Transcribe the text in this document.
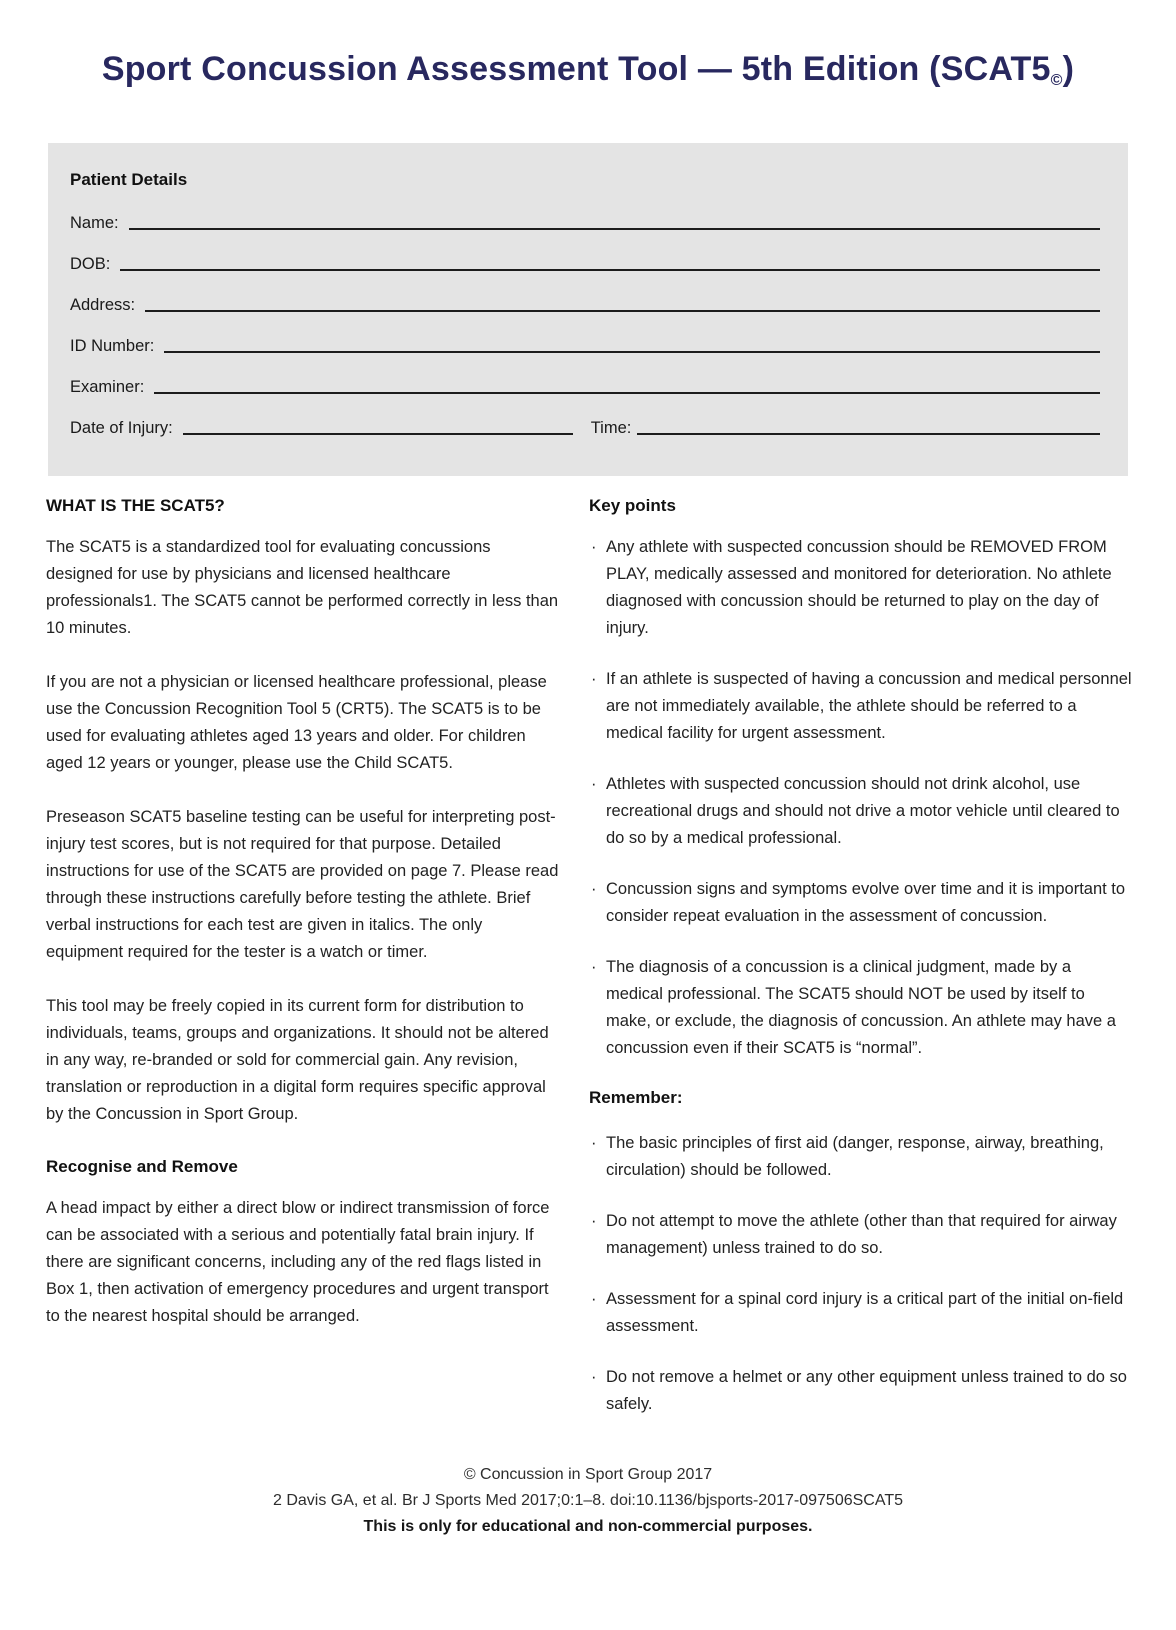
Sport Concussion Assessment Tool — 5th Edition $(SCAT5_©)$
Patient Details
Name:
DOB:
Address:
ID Number:
Examiner:
Date of Injury:	Time:
WHAT IS THE SCAT5?

The SCAT5 is a standardized tool for evaluating concussions designed for use by physicians and licensed healthcare professionals1. The SCAT5 cannot be performed correctly in less than 10 minutes.

If you are not a physician or licensed healthcare professional, please use the Concussion Recognition Tool 5 (CRT5). The SCAT5 is to be used for evaluating athletes aged 13 years and older. For children aged 12 years or younger, please use the Child SCAT5.

Preseason SCAT5 baseline testing can be useful for interpreting post-injury test scores, but is not required for that purpose. Detailed instructions for use of the SCAT5 are provided on page 7. Please read through these instructions carefully before testing the athlete. Brief verbal instructions for each test are given in italics. The only equipment required for the tester is a watch or timer.

This tool may be freely copied in its current form for distribution to individuals, teams, groups and organizations. It should not be altered in any way, re-branded or sold for commercial gain. Any revision, translation or reproduction in a digital form requires specific approval by the Concussion in Sport Group.

Recognise and Remove

A head impact by either a direct blow or indirect transmission of force can be associated with a serious and potentially fatal brain injury. If there are significant concerns, including any of the red flags listed in Box 1, then activation of emergency procedures and urgent transport to the nearest hospital should be arranged.

Key points
· Any athlete with suspected concussion should be REMOVED FROM PLAY, medically assessed and monitored for deterioration. No athlete diagnosed with concussion should be returned to play on the day of injury.
· If an athlete is suspected of having a concussion and medical personnel are not immediately available, the athlete should be referred to a medical facility for urgent assessment.
· Athletes with suspected concussion should not drink alcohol, use recreational drugs and should not drive a motor vehicle until cleared to do so by a medical professional.
· Concussion signs and symptoms evolve over time and it is important to consider repeat evaluation in the assessment of concussion.
· The diagnosis of a concussion is a clinical judgment, made by a medical professional. The SCAT5 should NOT be used by itself to make, or exclude, the diagnosis of concussion. An athlete may have a concussion even if their SCAT5 is “normal”.
Remember:
· The basic principles of first aid (danger, response, airway, breathing, circulation) should be followed.
· Do not attempt to move the athlete (other than that required for airway management) unless trained to do so.
· Assessment for a spinal cord injury is a critical part of the initial on-field assessment.
· Do not remove a helmet or any other equipment unless trained to do so safely.
© Concussion in Sport Group 2017
2 Davis GA, et al. Br J Sports Med 2017;0:1–8. doi:10.1136/bjsports-2017-097506SCAT5
This is only for educational and non-commercial purposes.
